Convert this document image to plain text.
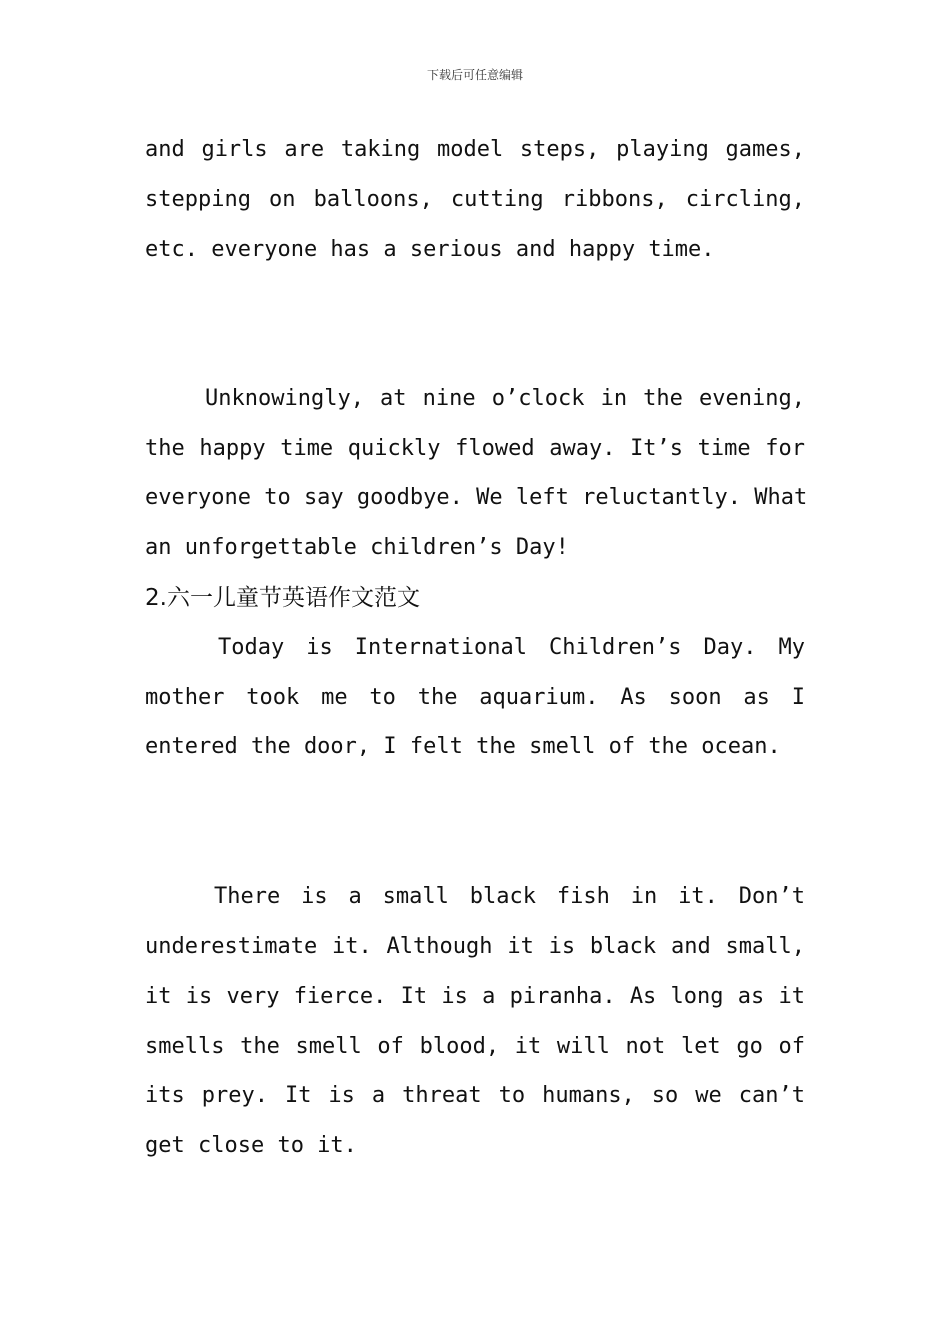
下载后可任意编辑
and girls are taking model steps, playing games,
stepping on balloons, cutting ribbons, circling,
etc. everyone has a serious and happy time.
Unknowingly, at nine o’clock in the evening,
the happy time quickly flowed away. It’s time for
everyone to say goodbye. We left reluctantly. What
an unforgettable children’s Day!
2.六一儿童节英语作文范文
Today is International Children’s Day. My
mother took me to the aquarium. As soon as I
entered the door, I felt the smell of the ocean.
There is a small black fish in it. Don’t
underestimate it. Although it is black and small,
it is very fierce. It is a piranha. As long as it
smells the smell of blood, it will not let go of
its prey. It is a threat to humans, so we can’t
get close to it.
